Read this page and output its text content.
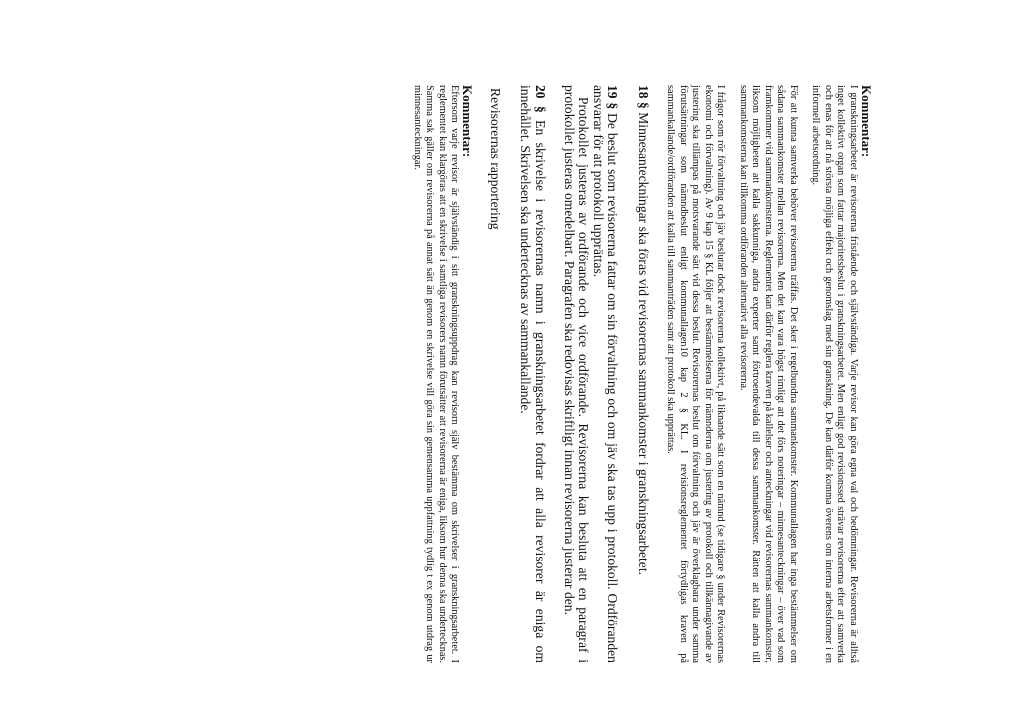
Kommentar:

I granskningsarbetet är revisorerna fristående och självständiga. Varje revisor kan göra egna val och bedömningar. Revisorerna är alltså inget kollektivt organ som fattar majoritetsbeslut i granskningsarbetet. Men enligt god revisionssed strävar revisorerna efter att samverka och enas för att nå största möjliga effekt och genomslag med sin granskning. De kan därför komma överens om interna arbetsformer i en informell arbetsordning.

För att kunna samverka behöver revisorerna träffas. Det sker i regelbundna sammankomster. Kommunallagen har inga bestämmelser om sådana sammankomster mellan revisorerna. Men det kan vara högst rimligt att det förs noteringar – minnesanteckningar – över vad som framkommer vid sammankomsterna. Reglementet kan därför reglera kraven på kallelser och anteckningar vid revisorernas sammankomster, liksom möjligheten att kalla sakkunniga, andra experter samt förtroendevalda till dessa sammankomster. Rätten att kalla andra till sammankomsterna kan tillkomma ordföranden alternativt alla revisorerna.

I frågor som rör förvaltning och jäv beslutar dock revisorerna kollektivt, på liknande sätt som en nämnd (se tidigare § under Revisorernas ekonomi och förvaltning). Av 9 kap 15 § KL följer att bestämmelserna för nämnderna om justering av protokoll och tillkännagivande av justering ska tillämpas på motsvarande sätt vid dessa beslut. Revisorernas beslut om förvaltning och jäv är överklagbara under samma förutsättningar som nämndbeslut enligt kommunallagen10 kap 2 § KL. I revisionsreglementet förtydligas kraven på sammankallande/ordföranden att kalla till sammanträden samt att protokoll ska upprättas.

18 § Minnesanteckningar ska föras vid revisorernas sammankomster i granskningsarbetet.

19 § De beslut som revisorerna fattar om sin förvaltning och om jäv ska tas upp i protokoll. Ordföranden ansvarar för att protokoll upprättas.

Protokollet justeras av ordförande och vice ordförande. Revisorerna kan besluta att en paragraf i protokollet justeras omedelbart. Paragrafen ska redovisas skriftligt innan revisorerna justerar den.

20 § En skrivelse i revisorernas namn i granskningsarbetet fordrar att alla revisorer är eniga om innehållet. Skrivelsen ska undertecknas av sammankallande.

Revisorernas rapportering

Kommentar:

Eftersom varje revisor är självständig i sitt granskningsuppdrag kan revisorn själv bestämma om skrivelser i granskningsarbetet. I reglementet kan klargöras att en skrivelse i samtliga revisorers namn förutsätter att revisorerna är eniga, liksom hur denna ska undertecknas. Samma sak gäller om revisorerna på annat sätt än genom en skrivelse vill göra sin gemensamma uppfattning tydlig t ex genom utdrag ur minnesanteckningar.
